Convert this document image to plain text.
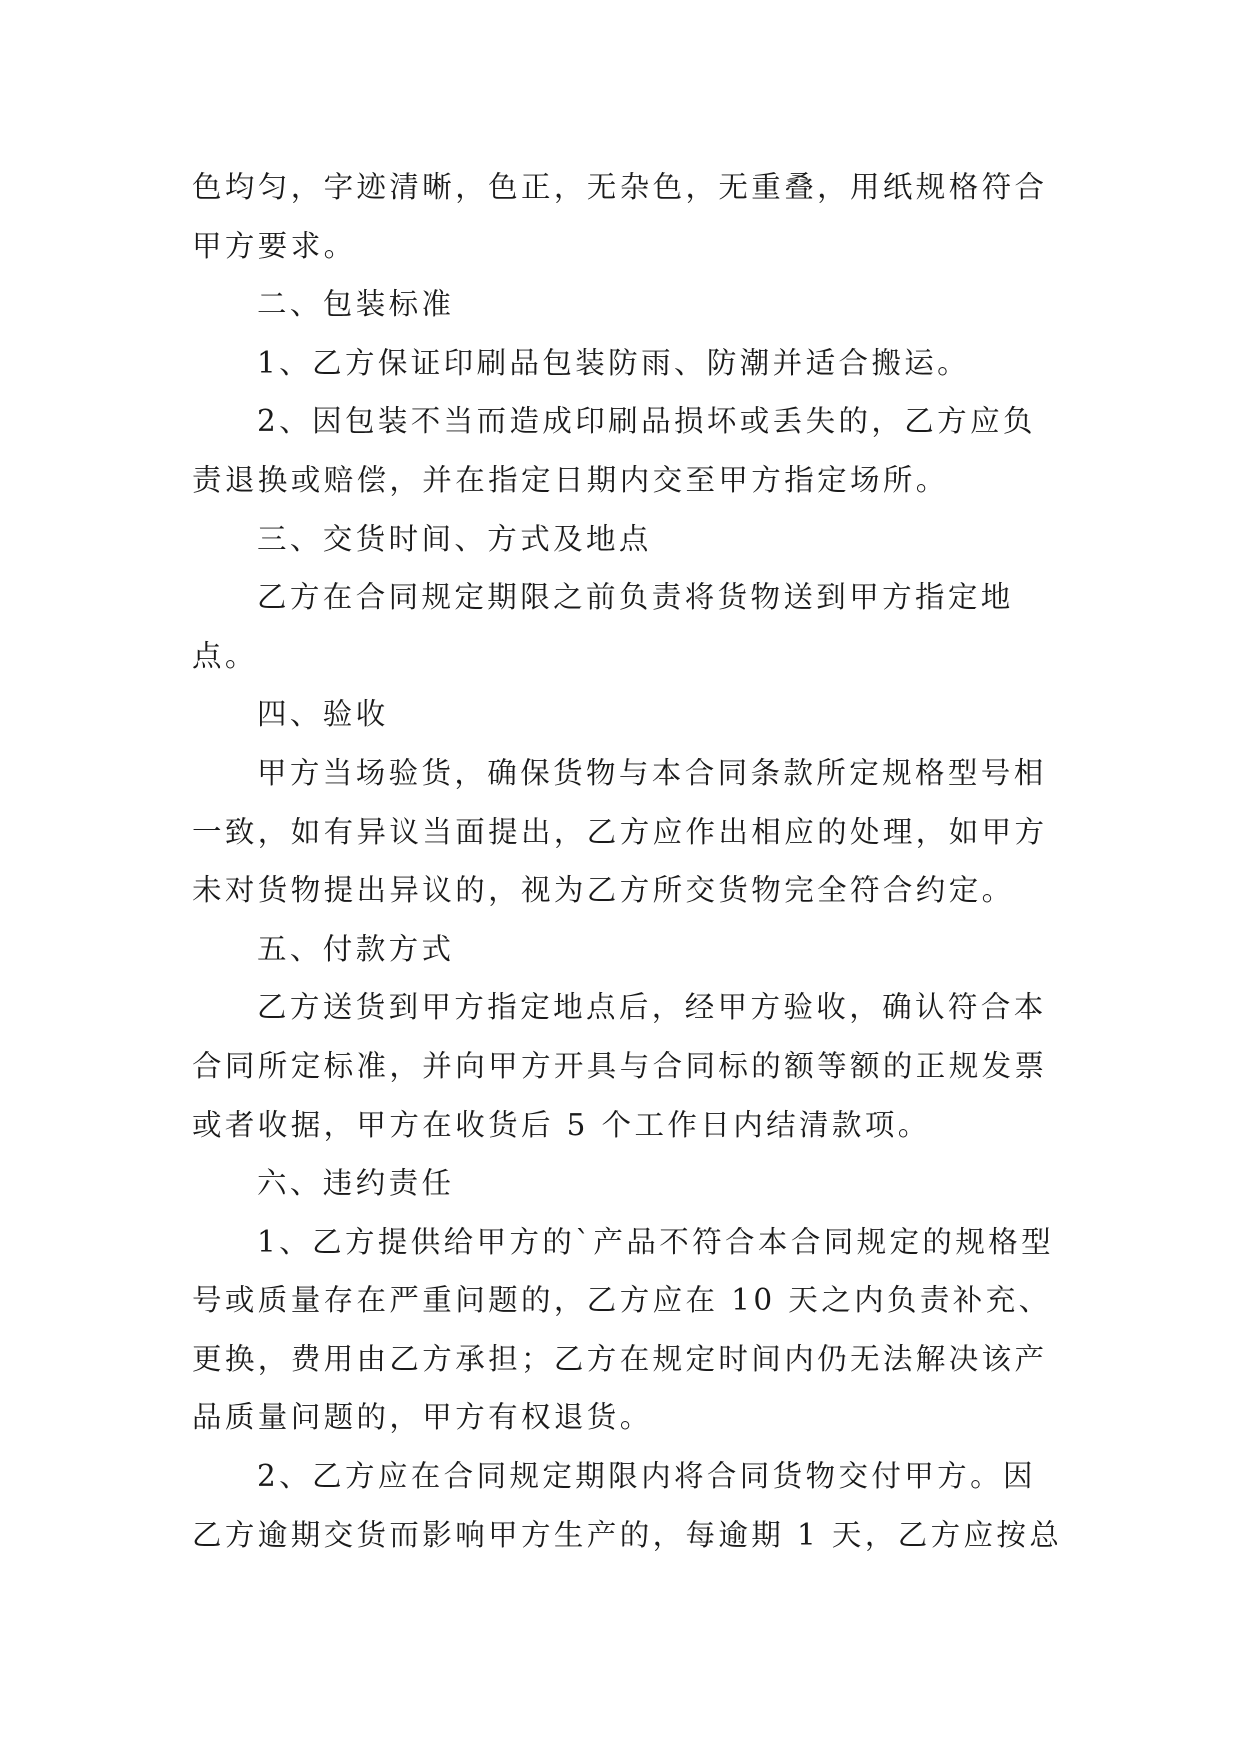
色均匀，字迹清晰，色正，无杂色，无重叠，用纸规格符合
甲方要求。
二、包装标准
1、乙方保证印刷品包装防雨、防潮并适合搬运。
2、因包装不当而造成印刷品损坏或丢失的，乙方应负
责退换或赔偿，并在指定日期内交至甲方指定场所。
三、交货时间、方式及地点
乙方在合同规定期限之前负责将货物送到甲方指定地
点。
四、验收
甲方当场验货，确保货物与本合同条款所定规格型号相
一致，如有异议当面提出，乙方应作出相应的处理，如甲方
未对货物提出异议的，视为乙方所交货物完全符合约定。
五、付款方式
乙方送货到甲方指定地点后，经甲方验收，确认符合本
合同所定标准，并向甲方开具与合同标的额等额的正规发票
或者收据，甲方在收货后 5 个工作日内结清款项。
六、违约责任
1、乙方提供给甲方的`产品不符合本合同规定的规格型
号或质量存在严重问题的，乙方应在 10 天之内负责补充、
更换，费用由乙方承担；乙方在规定时间内仍无法解决该产
品质量问题的，甲方有权退货。
2、乙方应在合同规定期限内将合同货物交付甲方。因
乙方逾期交货而影响甲方生产的，每逾期 1 天，乙方应按总
